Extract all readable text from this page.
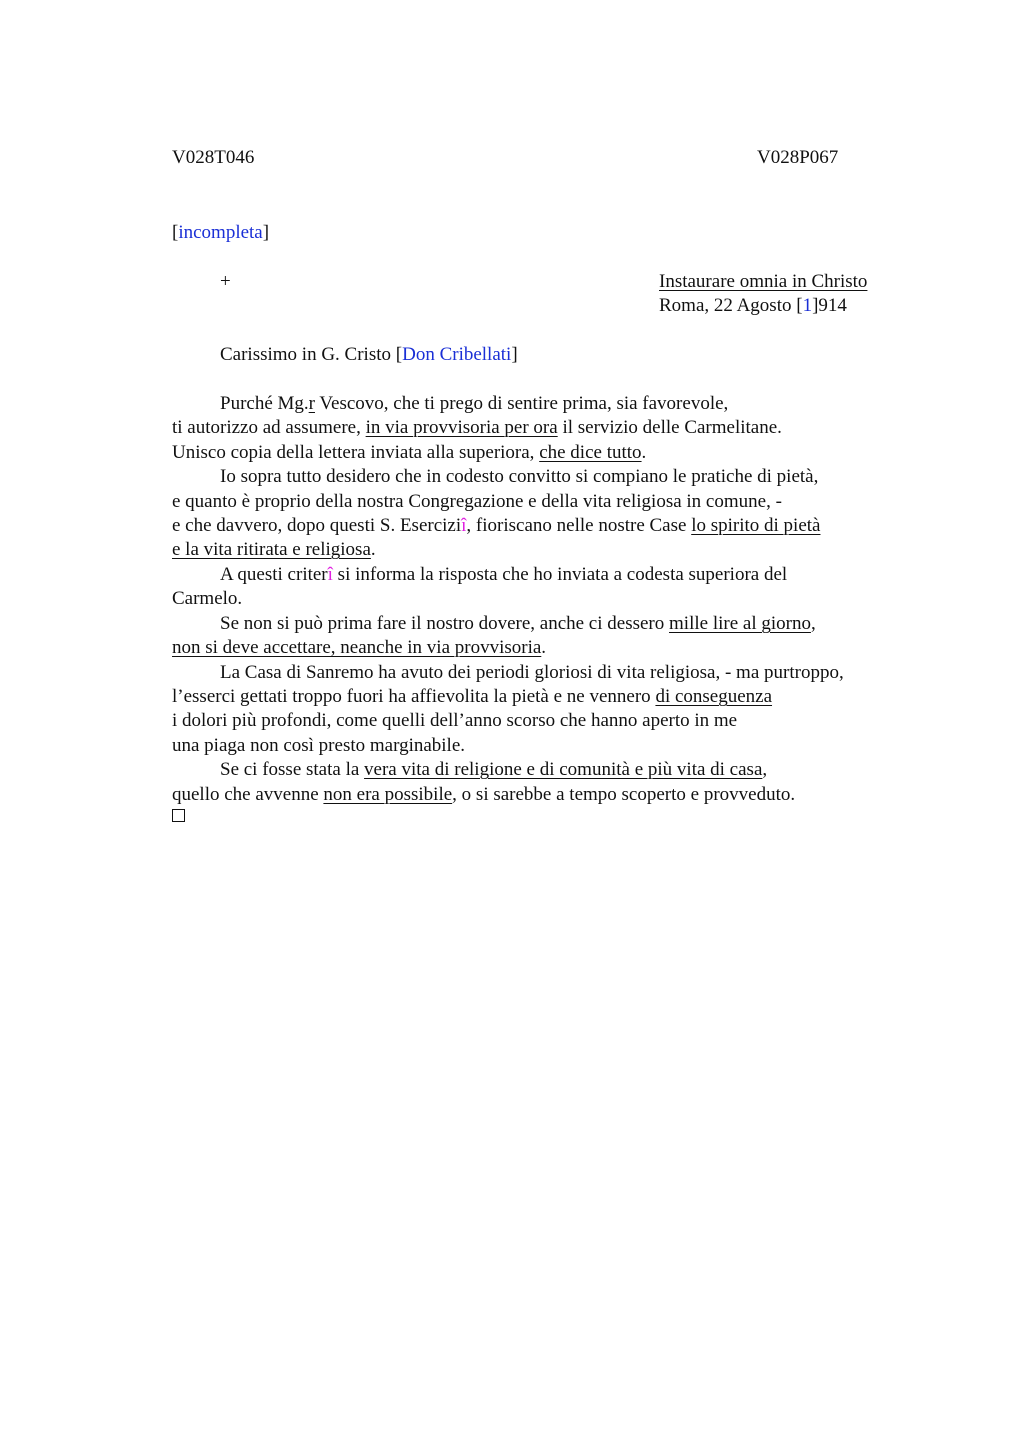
V028T046	V028P067
[incompleta]
+	Instaurare omnia in Christo
Roma, 22 Agosto [1]914
Carissimo in G. Cristo [Don Cribellati]
Purché Mg.r Vescovo, che ti prego di sentire prima, sia favorevole,
ti autorizzo ad assumere, in via provvisoria per ora il servizio delle Carmelitane.
Unisco copia della lettera inviata alla superiora, che dice tutto.
Io sopra tutto desidero che in codesto convitto si compiano le pratiche di pietà,
e quanto è proprio della nostra Congregazione e della vita religiosa in comune, -
e che davvero, dopo questi S. Eserciziî, fioriscano nelle nostre Case lo spirito di pietà
e la vita ritirata e religiosa.
A questi criterî si informa la risposta che ho inviata a codesta superiora del
Carmelo.
Se non si può prima fare il nostro dovere, anche ci dessero mille lire al giorno,
non si deve accettare, neanche in via provvisoria.
La Casa di Sanremo ha avuto dei periodi gloriosi di vita religiosa, - ma purtroppo,
l’esserci gettati troppo fuori ha affievolita la pietà e ne vennero di conseguenza
i dolori più profondi, come quelli dell’anno scorso che hanno aperto in me
una piaga non così presto marginabile.
Se ci fosse stata la vera vita di religione e di comunità e più vita di casa,
quello che avvenne non era possibile, o si sarebbe a tempo scoperto e provveduto.
